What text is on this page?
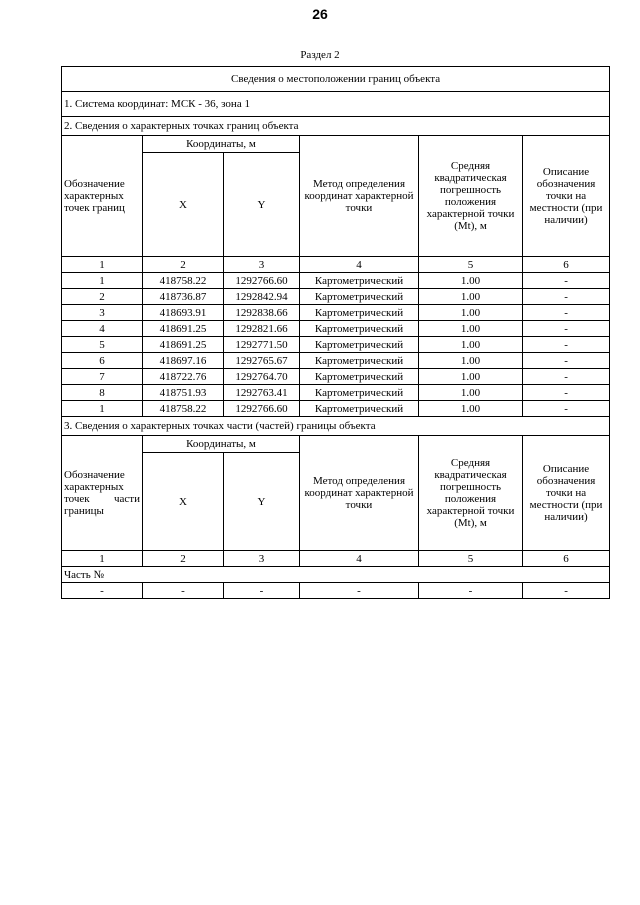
26
Раздел 2
Сведения о местоположении границ объекта					
1. Система координат: МСК - 36, зона 1					
2. Сведения о характерных точках границ объекта					
Обозначение характерных точек границ	Координаты, м		Метод определения координат характерной точки	Средняя квадратическая погрешность положения характерной точки (Mt), м	Описание обозначения точки на местности (при наличии)
	X	Y			
1	2	3	4	5	6
1	418758.22	1292766.60	Картометрический	1.00	-
2	418736.87	1292842.94	Картометрический	1.00	-
3	418693.91	1292838.66	Картометрический	1.00	-
4	418691.25	1292821.66	Картометрический	1.00	-
5	418691.25	1292771.50	Картометрический	1.00	-
6	418697.16	1292765.67	Картометрический	1.00	-
7	418722.76	1292764.70	Картометрический	1.00	-
8	418751.93	1292763.41	Картометрический	1.00	-
1	418758.22	1292766.60	Картометрический	1.00	-
3. Сведения о характерных точках части (частей) границы объекта					
Обозначение характерных точек части границы	Координаты, м		Метод определения координат характерной точки	Средняя квадратическая погрешность положения характерной точки (Mt), м	Описание обозначения точки на местности (при наличии)
	X	Y			
1	2	3	4	5	6
Часть №					
-	-	-	-	-	-
